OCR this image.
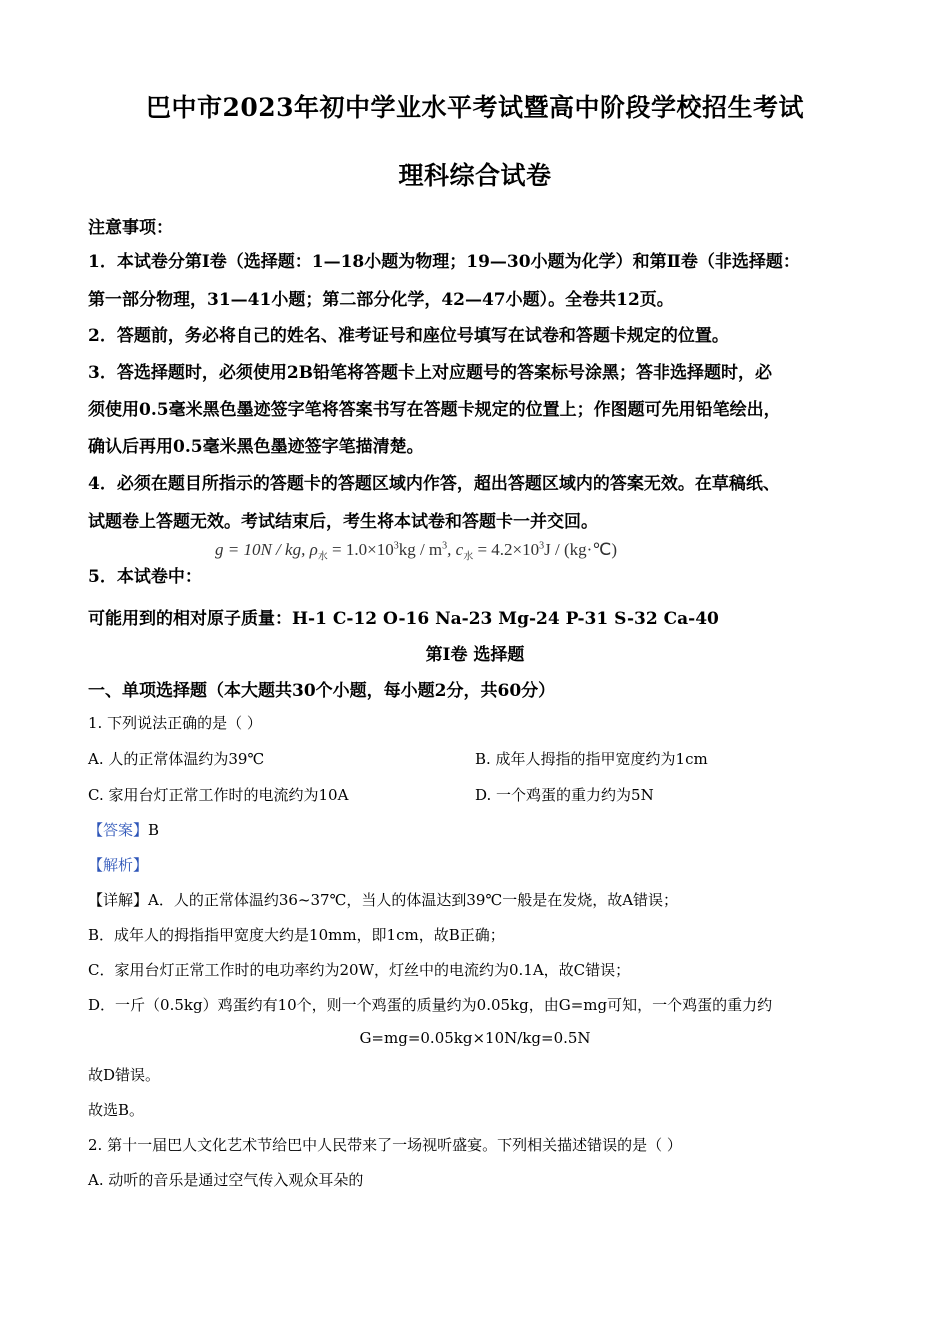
巴中市2023年初中学业水平考试暨高中阶段学校招生考试
理科综合试卷
注意事项：
1．本试卷分第Ⅰ卷（选择题：1—18小题为物理；19—30小题为化学）和第Ⅱ卷（非选择题：
第一部分物理，31—41小题；第二部分化学，42—47小题）。全卷共12页。
2．答题前，务必将自己的姓名、准考证号和座位号填写在试卷和答题卡规定的位置。
3．答选择题时，必须使用2B铅笔将答题卡上对应题号的答案标号涂黑；答非选择题时，必
须使用0.5毫米黑色墨迹签字笔将答案书写在答题卡规定的位置上；作图题可先用铅笔绘出，
确认后再用0.5毫米黑色墨迹签字笔描清楚。
4．必须在题目所指示的答题卡的答题区域内作答，超出答题区域内的答案无效。在草稿纸、
试题卷上答题无效。考试结束后，考生将本试卷和答题卡一并交回。
5．本试卷中：
g = 10N / kg, $\rho_水 = 1.0\times 10^3kg / m^3$, $c_水 = 4.2\times 10^3J$ / (kg·℃)
可能用到的相对原子质量：H-1 C-12 O-16 Na-23 Mg-24 P-31 S-32 Ca-40
第Ⅰ卷 选择题
一、单项选择题（本大题共30个小题，每小题2分，共60分）
1. 下列说法正确的是（ ）
A. 人的正常体温约为39℃	B. 成年人拇指的指甲宽度约为1cm
C. 家用台灯正常工作时的电流约为10A	D. 一个鸡蛋的重力约为5N
【答案】B
【解析】
【详解】A．人的正常体温约36~37℃，当人的体温达到39℃一般是在发烧，故A错误；
B．成年人的拇指指甲宽度大约是10mm，即1cm，故B正确；
C．家用台灯正常工作时的电功率约为20W，灯丝中的电流约为0.1A，故C错误；
D．一斤（0.5kg）鸡蛋约有10个，则一个鸡蛋的质量约为0.05kg，由G=mg可知，一个鸡蛋的重力约
G=mg=0.05kg×10N/kg=0.5N
故D错误。
故选B。
2. 第十一届巴人文化艺术节给巴中人民带来了一场视听盛宴。下列相关描述错误的是（ ）
A. 动听的音乐是通过空气传入观众耳朵的
